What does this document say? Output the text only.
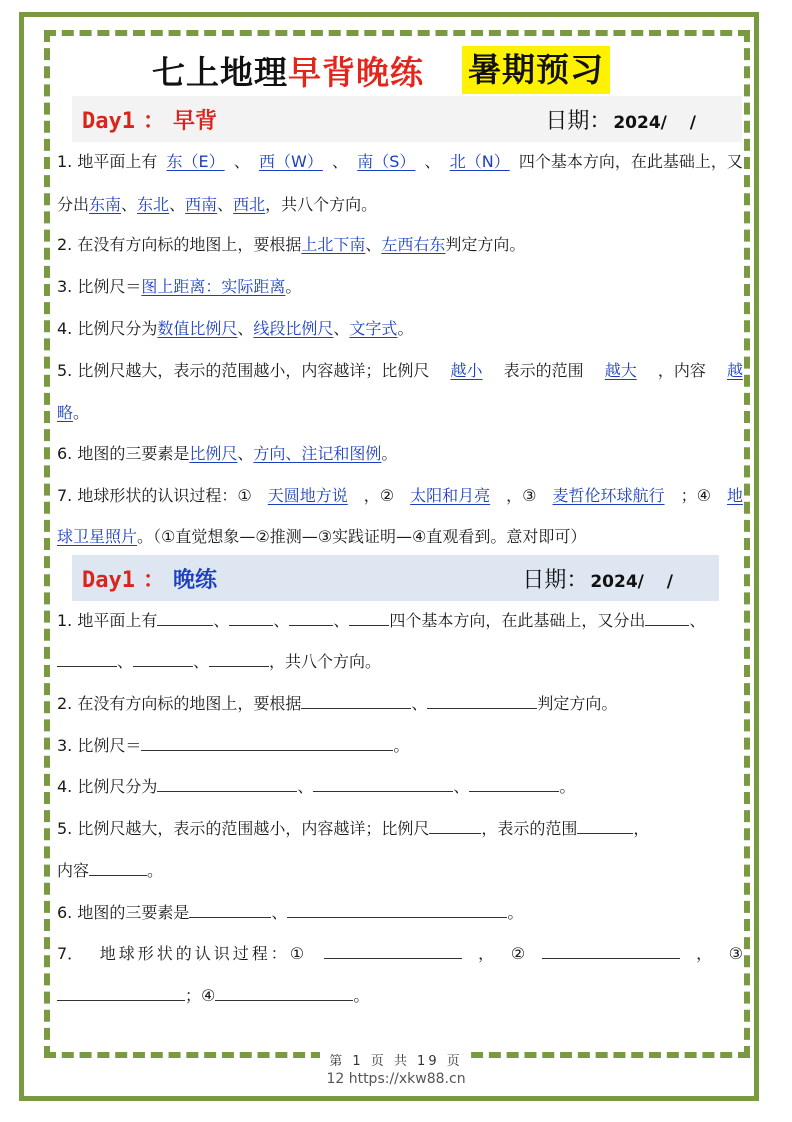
七上地理 早背晚练 暑期预习
Day1 ： 早背	日期： 2024/　 /
1. 地平面上有 东（E） 、 西（W） 、 南（S） 、 北（N） 四个基本方向，在此基础上，又
分出东南、东北、西南、西北，共八个方向。
2. 在没有方向标的地图上，要根据上北下南、左西右东判定方向。
3. 比例尺＝图上距离：实际距离。
4. 比例尺分为数值比例尺、线段比例尺、文字式。
5. 比例尺越大，表示的范围越小，内容越详；比例尺 越小 表示的范围 越大 ，内容 越
略。
6. 地图的三要素是比例尺、方向、注记和图例。
7. 地球形状的认识过程：① 天圆地方说 ，② 太阳和月亮 ，③ 麦哲伦环球航行 ；④ 地
球卫星照片。（①直觉想象—②推测—③实践证明—④直观看到。意对即可）
Day1 ： 晚练	日期： 2024/　 /
1. 地平面上有	、	、	、	四个基本方向，在此基础上，又分出	、
、	、	，共八个方向。
2. 在没有方向标的地图上，要根据	、	判定方向。
3. 比例尺＝	。
4. 比例尺分为	、	、	。
5. 比例尺越大，表示的范围越小，内容越详；比例尺	，表示的范围	，
内容	。
6. 地图的三要素是	、	。
7． 地球形状的认识过程：①	， ②	， ③
；④	。
第 1 页 共 19 页
12 https://xkw88.cn
